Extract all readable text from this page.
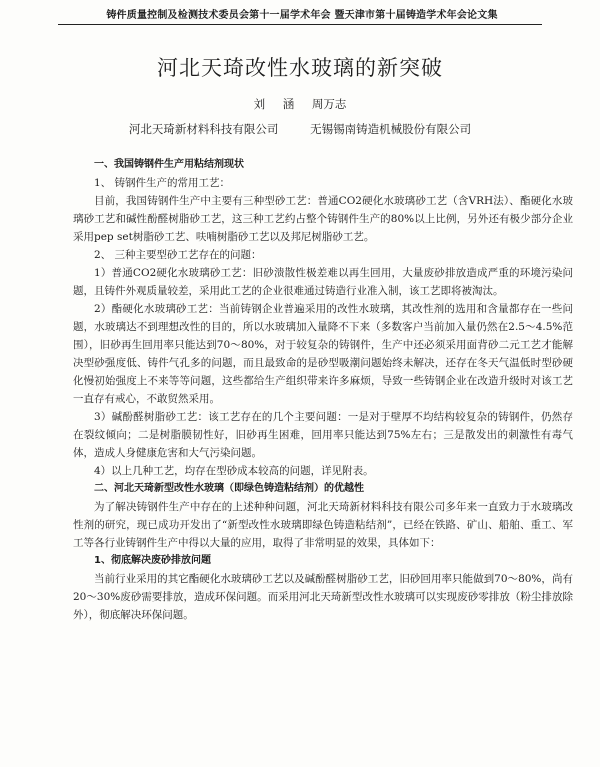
铸件质量控制及检测技术委员会第十一届学术年会 暨天津市第十届铸造学术年会论文集
河北天琦改性水玻璃的新突破
刘 涵 周万志
河北天琦新材料科技有限公司	无锡锡南铸造机械股份有限公司
一、我国铸钢件生产用粘结剂现状
1、 铸钢件生产的常用工艺：
目前，我国铸钢件生产中主要有三种型砂工艺：普通CO2硬化水玻璃砂工艺（含VRH法）、酯硬化水玻璃砂工艺和碱性酚醛树脂砂工艺，这三种工艺约占整个铸钢件生产的80%以上比例，另外还有极少部分企业采用pep set树脂砂工艺、呋喃树脂砂工艺以及邦尼树脂砂工艺。
2、 三种主要型砂工艺存在的问题：
1）普通CO2硬化水玻璃砂工艺：旧砂溃散性极差难以再生回用，大量废砂排放造成严重的环境污染问题，且铸件外观质量较差，采用此工艺的企业很难通过铸造行业准入制，该工艺即将被淘汰。
2）酯硬化水玻璃砂工艺：当前铸钢企业普遍采用的改性水玻璃，其改性剂的选用和含量都存在一些问题，水玻璃达不到理想改性的目的，所以水玻璃加入量降不下来（多数客户当前加入量仍然在2.5～4.5%范围），旧砂再生回用率只能达到70～80%，对于较复杂的铸钢件，生产中还必须采用面背砂二元工艺才能解决型砂强度低、铸件气孔多的问题，而且最致命的是砂型吸潮问题始终未解决，还存在冬天气温低时型砂硬化慢初始强度上不来等等问题，这些都给生产组织带来许多麻烦，导致一些铸钢企业在改造升级时对该工艺一直存有戒心，不敢贸然采用。
3）碱酚醛树脂砂工艺：该工艺存在的几个主要问题：一是对于壁厚不均结构较复杂的铸钢件，仍然存在裂纹倾向；二是树脂膜韧性好，旧砂再生困难，回用率只能达到75%左右；三是散发出的刺激性有毒气体，造成人身健康危害和大气污染问题。
4）以上几种工艺，均存在型砂成本较高的问题，详见附表。
二、河北天琦新型改性水玻璃（即绿色铸造粘结剂）的优越性
为了解决铸钢件生产中存在的上述种种问题，河北天琦新材料科技有限公司多年来一直致力于水玻璃改性剂的研究，现已成功开发出了“新型改性水玻璃即绿色铸造粘结剂”，已经在铁路、矿山、船舶、重工、军工等各行业铸钢件生产中得以大量的应用，取得了非常明显的效果，具体如下：
1、彻底解决废砂排放问题
当前行业采用的其它酯硬化水玻璃砂工艺以及碱酚醛树脂砂工艺，旧砂回用率只能做到70～80%，尚有20～30%废砂需要排放，造成环保问题。而采用河北天琦新型改性水玻璃可以实现废砂零排放（粉尘排放除外），彻底解决环保问题。
